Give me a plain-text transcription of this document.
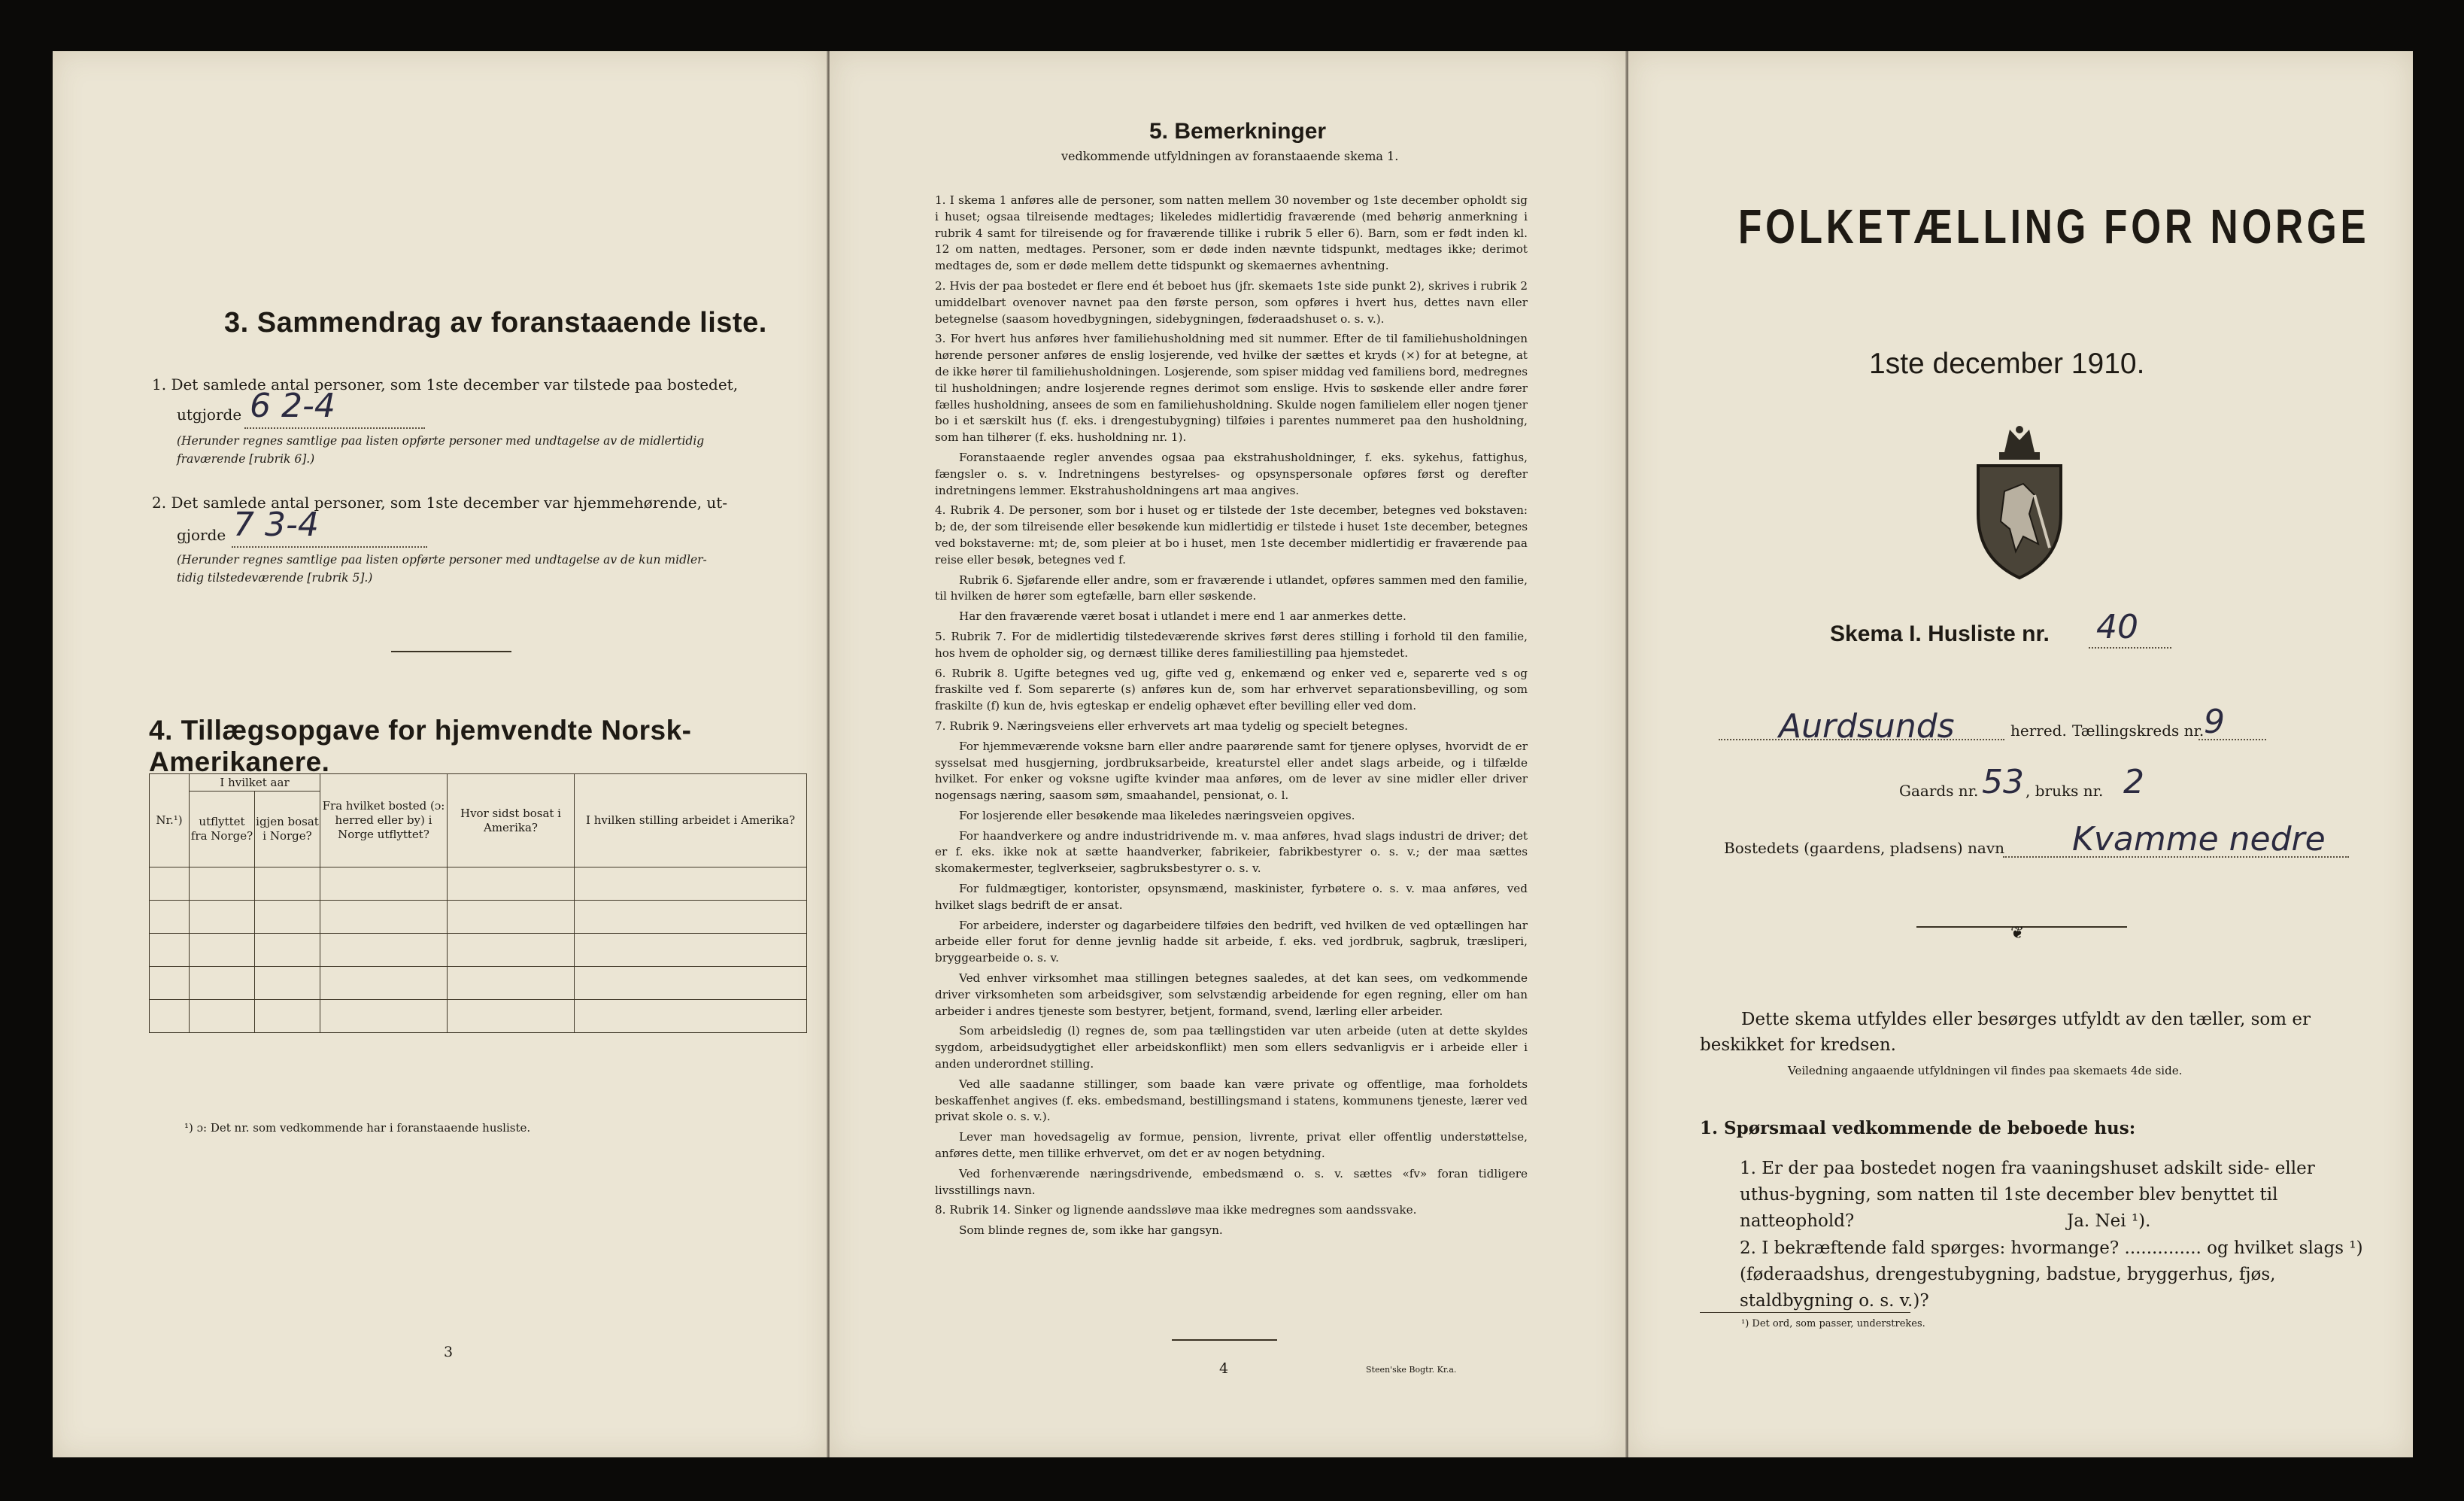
3. Sammendrag av foranstaaende liste.
1. Det samlede antal personer, som 1ste december var tilstede paa bostedet,
utgjorde 6 2-4
(Herunder regnes samtlige paa listen opførte personer med undtagelse av de midlertidig
fraværende [rubrik 6].)
2. Det samlede antal personer, som 1ste december var hjemmehørende, ut-
gjorde 7 3-4
(Herunder regnes samtlige paa listen opførte personer med undtagelse av de kun midler-
tidig tilstedeværende [rubrik 5].)
4. Tillægsopgave for hjemvendte Norsk-Amerikanere.
Nr.¹)	I hvilket aar		Fra hvilket bosted (ɔ: herred eller by) i Norge utflyttet?	Hvor sidst bosat i Amerika?	I hvilken stilling arbeidet i Amerika?
	utflyttet fra Norge?	igjen bosat i Norge?			

¹) ɔ: Det nr. som vedkommende har i foranstaaende husliste.
3
5. Bemerkninger
vedkommende utfyldningen av foranstaaende skema 1.

1. I skema 1 anføres alle de personer, som natten mellem 30 november og 1ste december opholdt sig i huset; ogsaa tilreisende medtages; likeledes midlertidig fraværende (med behørig anmerkning i rubrik 4 samt for tilreisende og for fraværende tillike i rubrik 5 eller 6). Barn, som er født inden kl. 12 om natten, medtages. Personer, som er døde inden nævnte tidspunkt, medtages ikke; derimot medtages de, som er døde mellem dette tidspunkt og skemaernes avhentning.

2. Hvis der paa bostedet er flere end ét beboet hus (jfr. skemaets 1ste side punkt 2), skrives i rubrik 2 umiddelbart ovenover navnet paa den første person, som opføres i hvert hus, dettes navn eller betegnelse (saasom hovedbygningen, sidebygningen, føderaadshuset o. s. v.).

3. For hvert hus anføres hver familiehusholdning med sit nummer. Efter de til familiehusholdningen hørende personer anføres de enslig losjerende, ved hvilke der sættes et kryds (×) for at betegne, at de ikke hører til familiehusholdningen. Losjerende, som spiser middag ved familiens bord, medregnes til husholdningen; andre losjerende regnes derimot som enslige. Hvis to søskende eller andre fører fælles husholdning, ansees de som en familiehusholdning. Skulde nogen familielem eller nogen tjener bo i et særskilt hus (f. eks. i drengestubygning) tilføies i parentes nummeret paa den husholdning, som han tilhører (f. eks. husholdning nr. 1).

Foranstaaende regler anvendes ogsaa paa ekstrahusholdninger, f. eks. sykehus, fattighus, fængsler o. s. v. Indretningens bestyrelses- og opsynspersonale opføres først og derefter indretningens lemmer. Ekstrahusholdningens art maa angives.

4. Rubrik 4. De personer, som bor i huset og er tilstede der 1ste december, betegnes ved bokstaven: b; de, der som tilreisende eller besøkende kun midlertidig er tilstede i huset 1ste december, betegnes ved bokstaverne: mt; de, som pleier at bo i huset, men 1ste december midlertidig er fraværende paa reise eller besøk, betegnes ved f.

Rubrik 6. Sjøfarende eller andre, som er fraværende i utlandet, opføres sammen med den familie, til hvilken de hører som egtefælle, barn eller søskende.

Har den fraværende været bosat i utlandet i mere end 1 aar anmerkes dette.

5. Rubrik 7. For de midlertidig tilstedeværende skrives først deres stilling i forhold til den familie, hos hvem de opholder sig, og dernæst tillike deres familiestilling paa hjemstedet.

6. Rubrik 8. Ugifte betegnes ved ug, gifte ved g, enkemænd og enker ved e, separerte ved s og fraskilte ved f. Som separerte (s) anføres kun de, som har erhvervet separationsbevilling, og som fraskilte (f) kun de, hvis egteskap er endelig ophævet efter bevilling eller ved dom.

7. Rubrik 9. Næringsveiens eller erhvervets art maa tydelig og specielt betegnes.

For hjemmeværende voksne barn eller andre paarørende samt for tjenere oplyses, hvorvidt de er sysselsat med husgjerning, jordbruksarbeide, kreaturstel eller andet slags arbeide, og i tilfælde hvilket. For enker og voksne ugifte kvinder maa anføres, om de lever av sine midler eller driver nogensags næring, saasom søm, smaahandel, pensionat, o. l.

For losjerende eller besøkende maa likeledes næringsveien opgives.

For haandverkere og andre industridrivende m. v. maa anføres, hvad slags industri de driver; det er f. eks. ikke nok at sætte haandverker, fabrikeier, fabrikbestyrer o. s. v.; der maa sættes skomakermester, teglverkseier, sagbruksbestyrer o. s. v.

For fuldmægtiger, kontorister, opsynsmænd, maskinister, fyrbøtere o. s. v. maa anføres, ved hvilket slags bedrift de er ansat.

For arbeidere, inderster og dagarbeidere tilføies den bedrift, ved hvilken de ved optællingen har arbeide eller forut for denne jevnlig hadde sit arbeide, f. eks. ved jordbruk, sagbruk, træsliperi, bryggearbeide o. s. v.

Ved enhver virksomhet maa stillingen betegnes saaledes, at det kan sees, om vedkommende driver virksomheten som arbeidsgiver, som selvstændig arbeidende for egen regning, eller om han arbeider i andres tjeneste som bestyrer, betjent, formand, svend, lærling eller arbeider.

Som arbeidsledig (l) regnes de, som paa tællingstiden var uten arbeide (uten at dette skyldes sygdom, arbeidsudygtighet eller arbeidskonflikt) men som ellers sedvanligvis er i arbeide eller i anden underordnet stilling.

Ved alle saadanne stillinger, som baade kan være private og offentlige, maa forholdets beskaffenhet angives (f. eks. embedsmand, bestillingsmand i statens, kommunens tjeneste, lærer ved privat skole o. s. v.).

Lever man hovedsagelig av formue, pension, livrente, privat eller offentlig understøttelse, anføres dette, men tillike erhvervet, om det er av nogen betydning.

Ved forhenværende næringsdrivende, embedsmænd o. s. v. sættes «fv» foran tidligere livsstillings navn.

8. Rubrik 14. Sinker og lignende aandssløve maa ikke medregnes som aandssvake.

Som blinde regnes de, som ikke har gangsyn.

4	Steen'ske Bogtr. Kr.a.
FOLKETÆLLING FOR NORGE
1ste december 1910.
Skema I. Husliste nr. 40
Aurdsunds	herred. Tællingskreds nr. 9
Gaards nr. 53 , bruks nr. 2
Bostedets (gaardens, pladsens) navn Kvamme nedre
❦
Dette skema utfyldes eller besørges utfyldt av den tæller, som er
beskikket for kredsen.
Veiledning angaaende utfyldningen vil findes paa skemaets 4de side.
1. Spørsmaal vedkommende de beboede hus:
1. Er der paa bostedet nogen fra vaaningshuset adskilt side- eller uthus-bygning, som natten til 1ste december blev benyttet til natteophold?	Ja. Nei ¹).
2. I bekræftende fald spørges: hvormange? .............. og hvilket slags ¹) (føderaadshus, drengestubygning, badstue, bryggerhus, fjøs, staldbygning o. s. v.)?
¹) Det ord, som passer, understrekes.
